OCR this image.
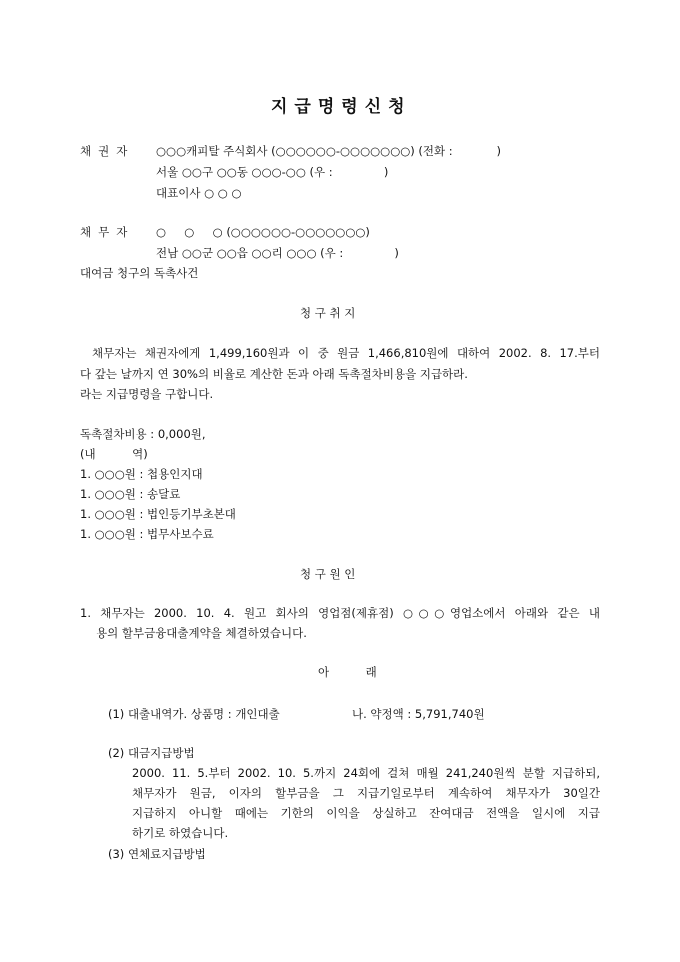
지급명령신청
채권자 ○○○캐피탈 주식회사 (○○○○○○-○○○○○○○) (전화 :            )
서울 ○○구 ○○동 ○○○-○○ (우 :              )
대표이사 ○ ○ ○
채무자 ○     ○     ○ (○○○○○○-○○○○○○○)
전남 ○○군 ○○읍 ○○리 ○○○ (우 :              )
대여금 청구의 독촉사건
청 구 취 지
채무자는 채권자에게 1,499,160원과 이 중 원금 1,466,810원에 대하여 2002. 8. 17.부터
다 갚는 날까지 연 30%의 비율로 계산한 돈과 아래 독촉절차비용을 지급하라.
라는 지급명령을 구합니다.
독촉절차비용 : 0,000원,
(내          역)
1. ○○○원 : 첩용인지대
1. ○○○원 : 송달료
1. ○○○원 : 법인등기부초본대
1. ○○○원 : 법무사보수료
청 구 원 인
1. 채무자는 2000. 10. 4. 원고 회사의 영업점(제휴점) ○○○영업소에서 아래와 같은 내
용의 할부금융대출계약을 체결하였습니다.
아          래
(1) 대출내역가. 상품명 : 개인대출	나. 약정액 : 5,791,740원
(2) 대금지급방법
2000. 11. 5.부터 2002. 10. 5.까지 24회에 걸쳐 매월 241,240원씩 분할 지급하되,
채무자가 원금, 이자의 할부금을 그 지급기일로부터 계속하여 채무자가 30일간
지급하지 아니할 때에는 기한의 이익을 상실하고 잔여대금 전액을 일시에 지급
하기로 하였습니다.
(3) 연체료지급방법
